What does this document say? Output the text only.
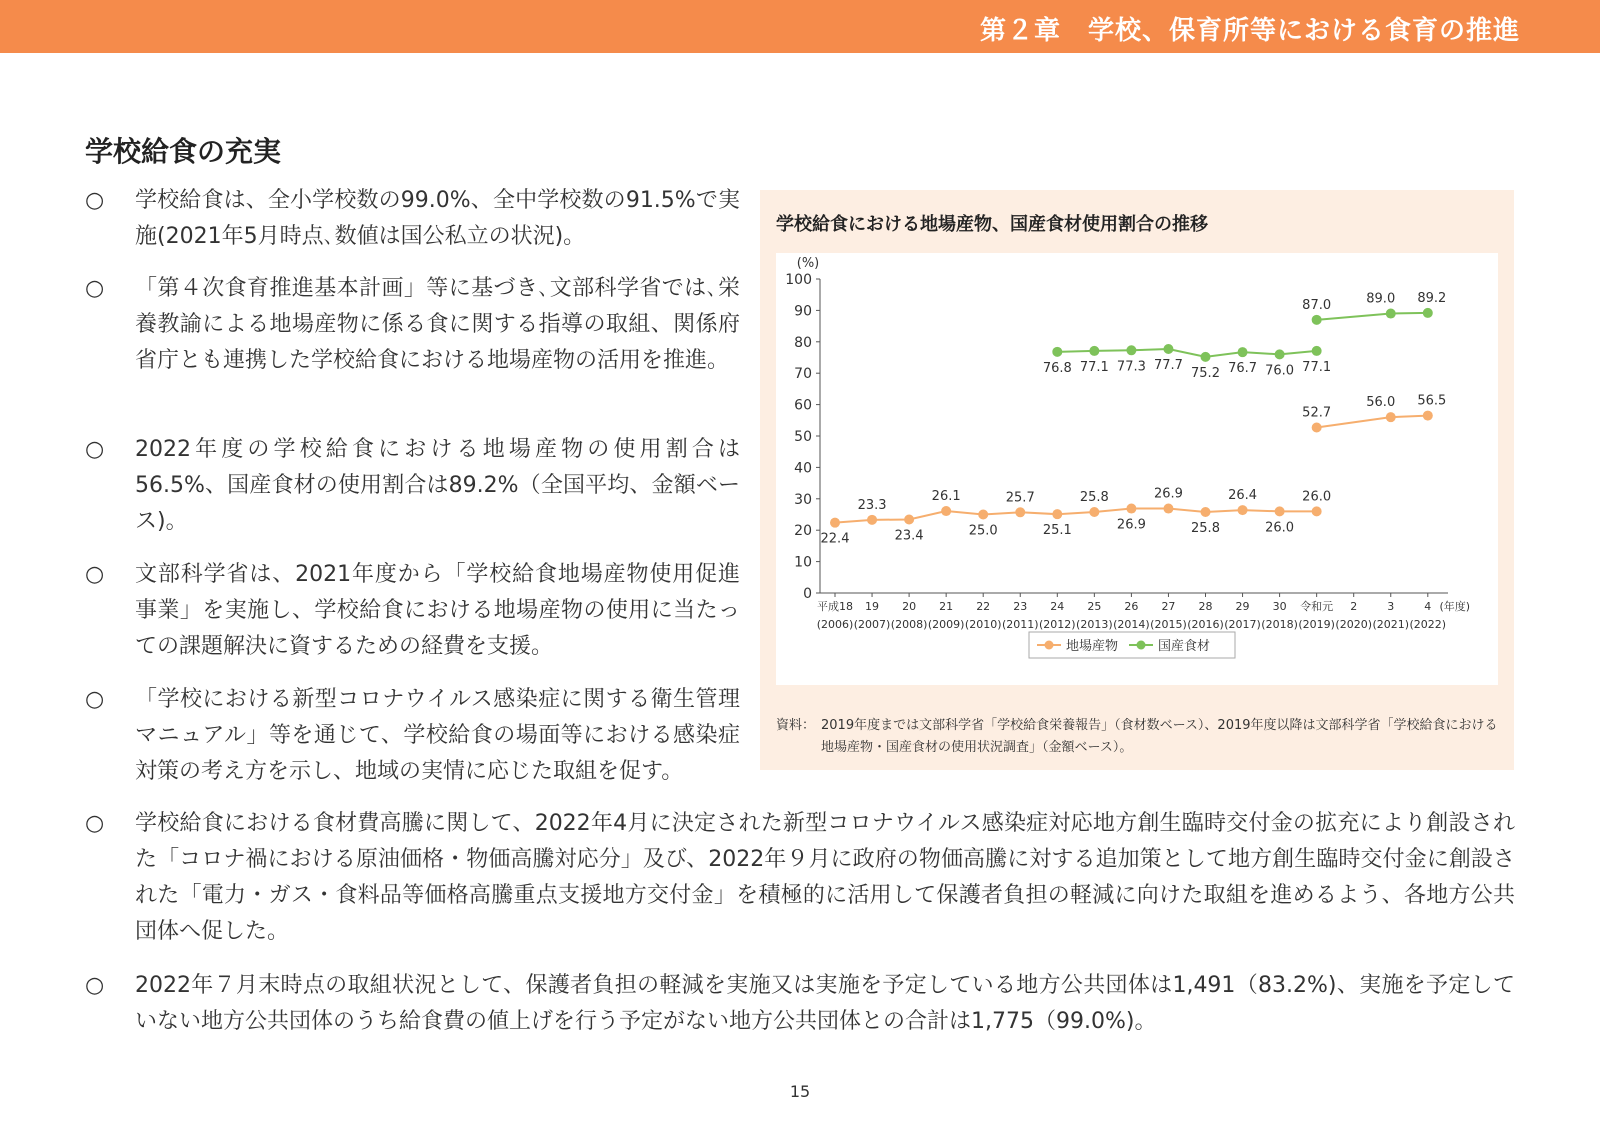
第２章　学校、保育所等における食育の推進
学校給食の充実
○ 学校給食は、全小学校数の99.0%、全中学校数の91.5%で実施(2021年5月時点､数値は国公私立の状況)｡
○ 「第４次食育推進基本計画」等に基づき､文部科学省では､栄養教諭による地場産物に係る食に関する指導の取組、関係府省庁とも連携した学校給食における地場産物の活用を推進。
○ 2022年度の学校給食における地場産物の使用割合は56.5%、国産食材の使用割合は89.2%（全国平均、金額ベース)。
○ 文部科学省は、2021年度から「学校給食地場産物使用促進事業」を実施し、学校給食における地場産物の使用に当たっての課題解決に資するための経費を支援。
○ 「学校における新型コロナウイルス感染症に関する衛生管理マニュアル」等を通じて、学校給食の場面等における感染症対策の考え方を示し、地域の実情に応じた取組を促す。
学校給食における地場産物、国産食材使用割合の推移
(%)
0
10
20
30
40
50
60
70
80
90
100
平成18
(2006)
19
(2007)
20
(2008)
21
(2009)
22
(2010)
23
(2011)
24
(2012)
25
(2013)
26
(2014)
27
(2015)
28
(2016)
29
(2017)
30
(2018)
令和元
(2019)
2
(2020)
3
(2021)
4
(2022)
(年度)
22.4
23.3
23.4
26.1
25.0
25.7
25.1
25.8
26.9
26.9
25.8
26.4
26.0
26.0
52.7
56.0 56.5
76.8 77.1 77.3 77.7
75.2 76.7 76.0 77.1
87.0	89.0 89.2
地場産物	国産食材
資料： 2019年度までは文部科学省「学校給食栄養報告」（食材数ベース）、2019年度以降は文部科学省「学校給食における地場産物・国産食材の使用状況調査」（金額ベース）。
○ 学校給食における食材費高騰に関して、2022年4月に決定された新型コロナウイルス感染症対応地方創生臨時交付金の拡充により創設された「コロナ禍における原油価格・物価高騰対応分」及び、2022年９月に政府の物価高騰に対する追加策として地方創生臨時交付金に創設された「電力・ガス・食料品等価格高騰重点支援地方交付金」を積極的に活用して保護者負担の軽減に向けた取組を進めるよう、各地方公共団体へ促した。
○ 2022年７月末時点の取組状況として、保護者負担の軽減を実施又は実施を予定している地方公共団体は1,491（83.2%)、実施を予定していない地方公共団体のうち給食費の値上げを行う予定がない地方公共団体との合計は1,775（99.0%)。
15
